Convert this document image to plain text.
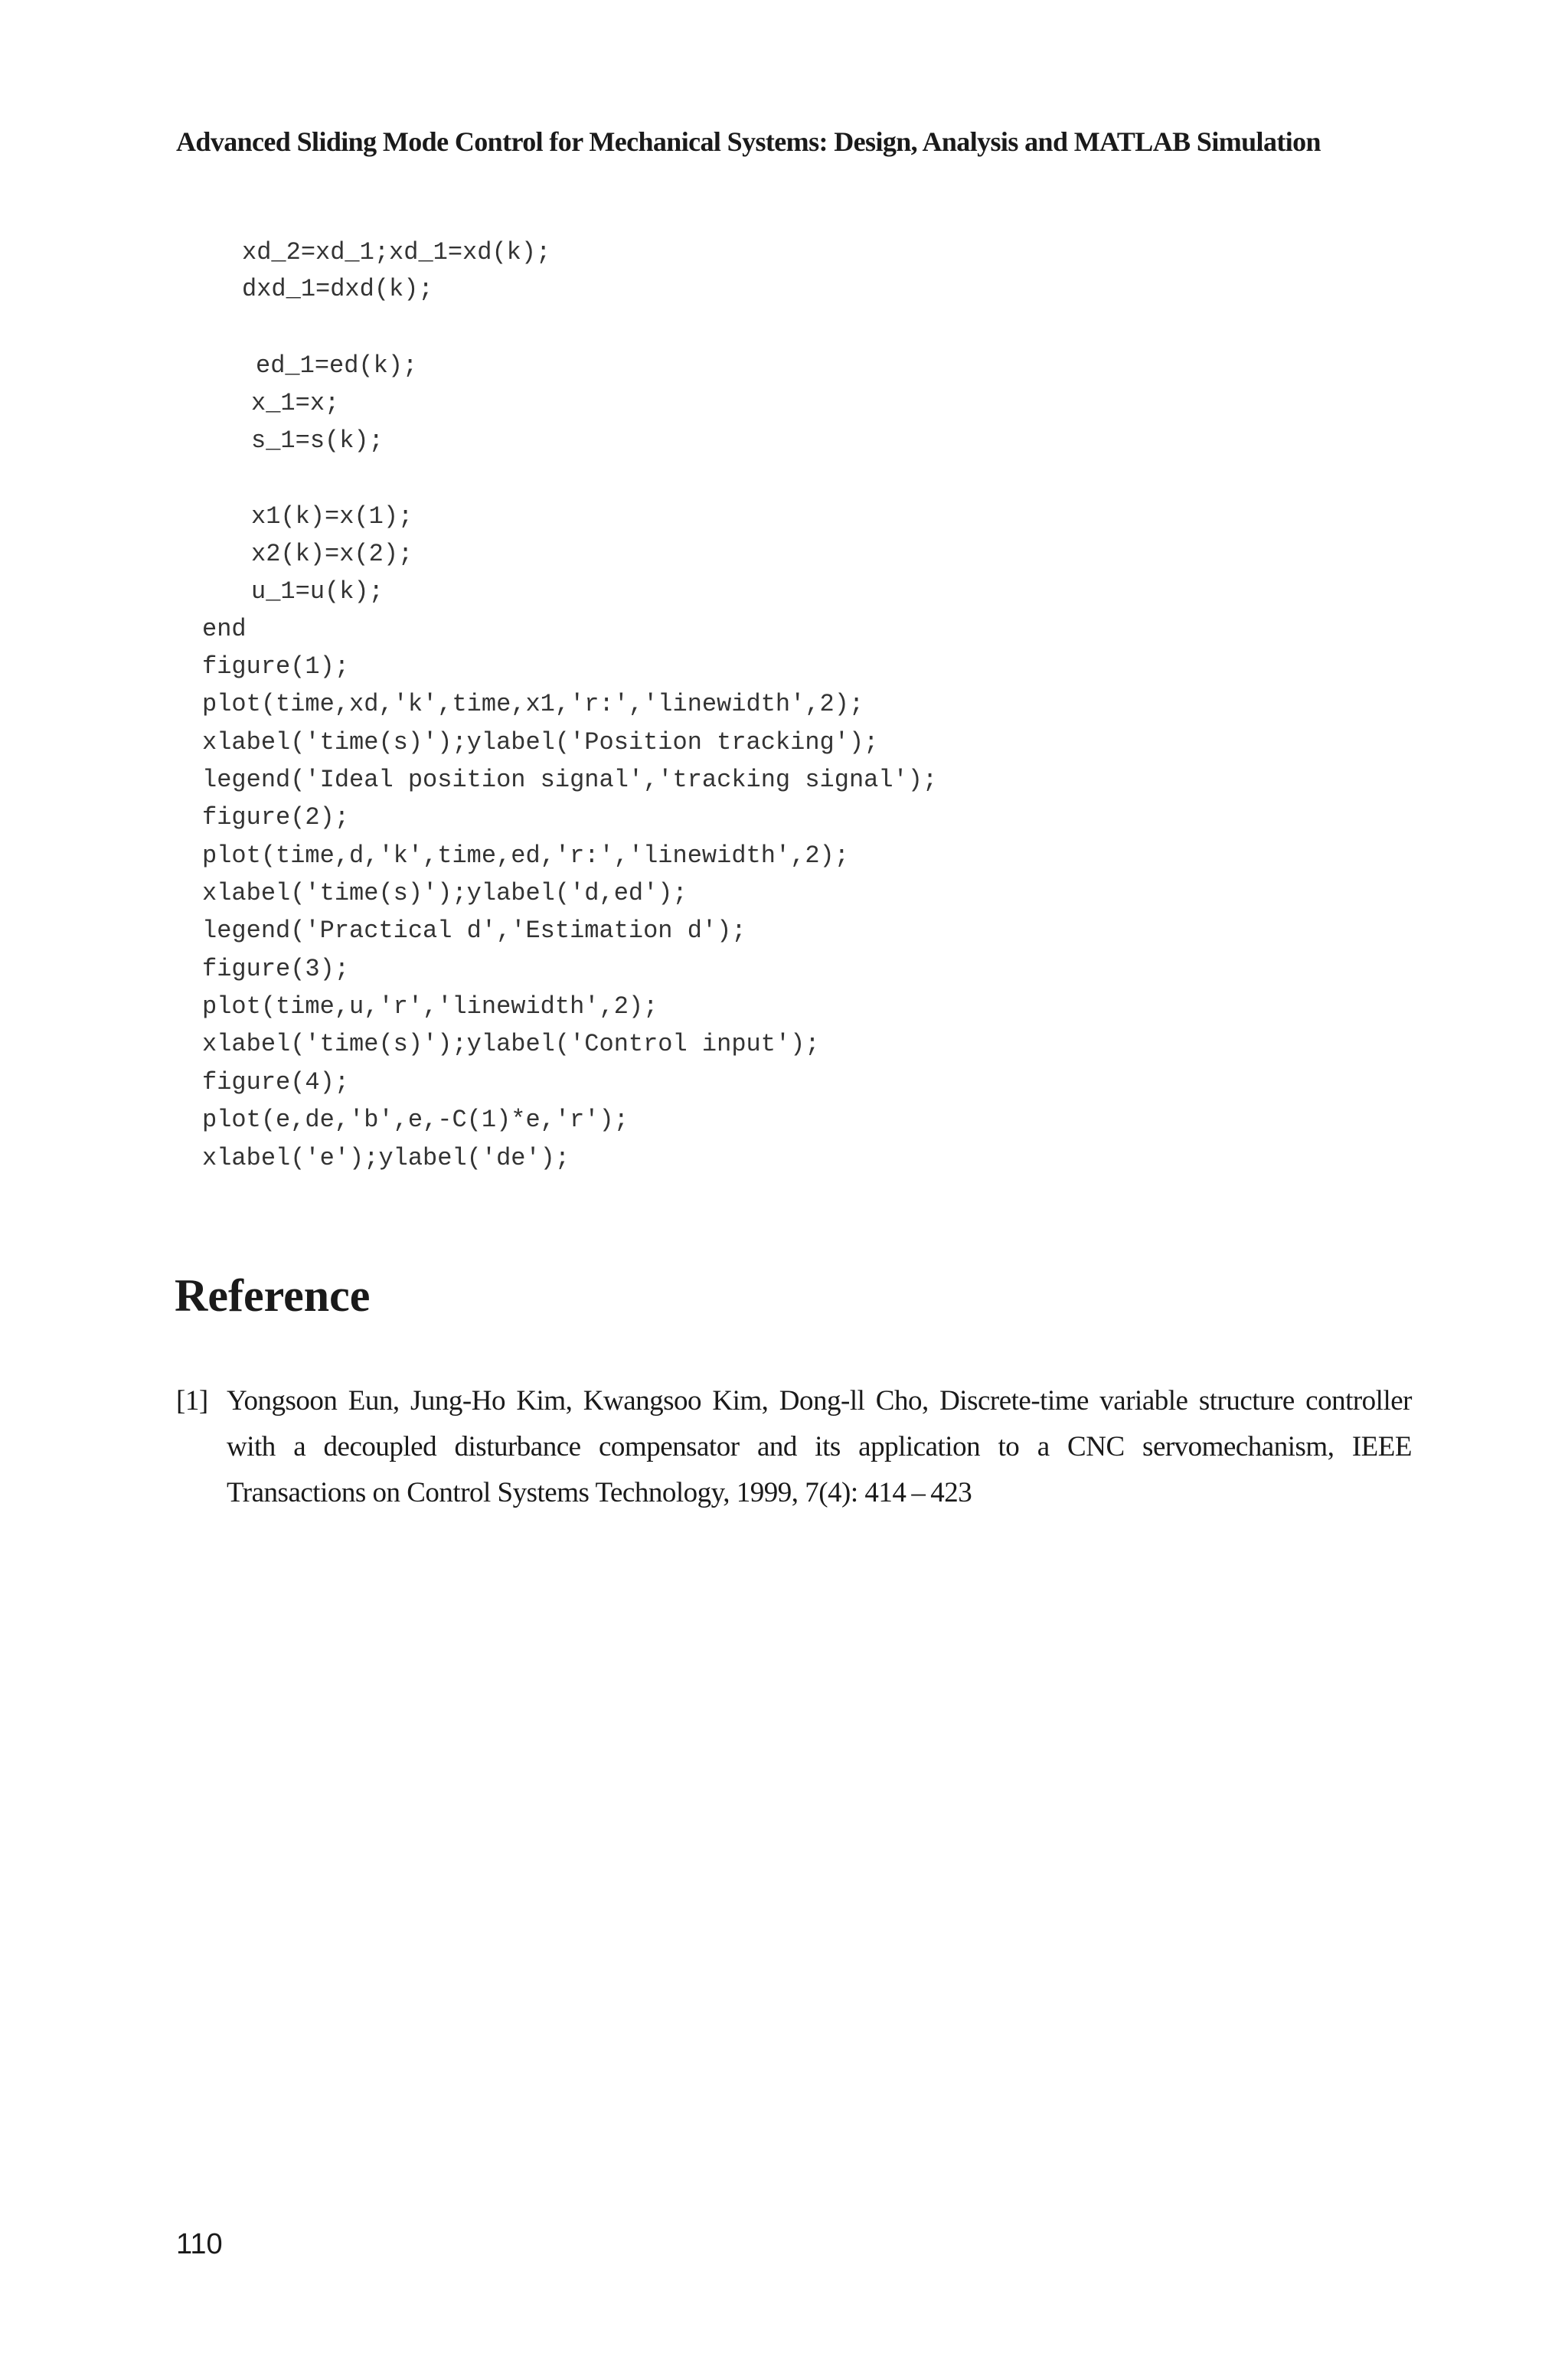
Advanced Sliding Mode Control for Mechanical Systems: Design, Analysis and MATLAB Simulation
xd_2=xd_1;xd_1=xd(k);
dxd_1=dxd(k);
ed_1=ed(k);
x_1=x;
s_1=s(k);
x1(k)=x(1);
x2(k)=x(2);
u_1=u(k);
end
figure(1);
plot(time,xd,'k',time,x1,'r:','linewidth',2);
xlabel('time(s)');ylabel('Position tracking');
legend('Ideal position signal','tracking signal');
figure(2);
plot(time,d,'k',time,ed,'r:','linewidth',2);
xlabel('time(s)');ylabel('d,ed');
legend('Practical d','Estimation d');
figure(3);
plot(time,u,'r','linewidth',2);
xlabel('time(s)');ylabel('Control input');
figure(4);
plot(e,de,'b',e,-C(1)*e,'r');
xlabel('e');ylabel('de');
Reference
[1] Yongsoon Eun, Jung-Ho Kim, Kwangsoo Kim, Dong-ll Cho, Discrete-time variable structure controller with a decoupled disturbance compensator and its application to a CNC servomechanism, IEEE Transactions on Control Systems Technology, 1999, 7(4): 414 – 423
110
